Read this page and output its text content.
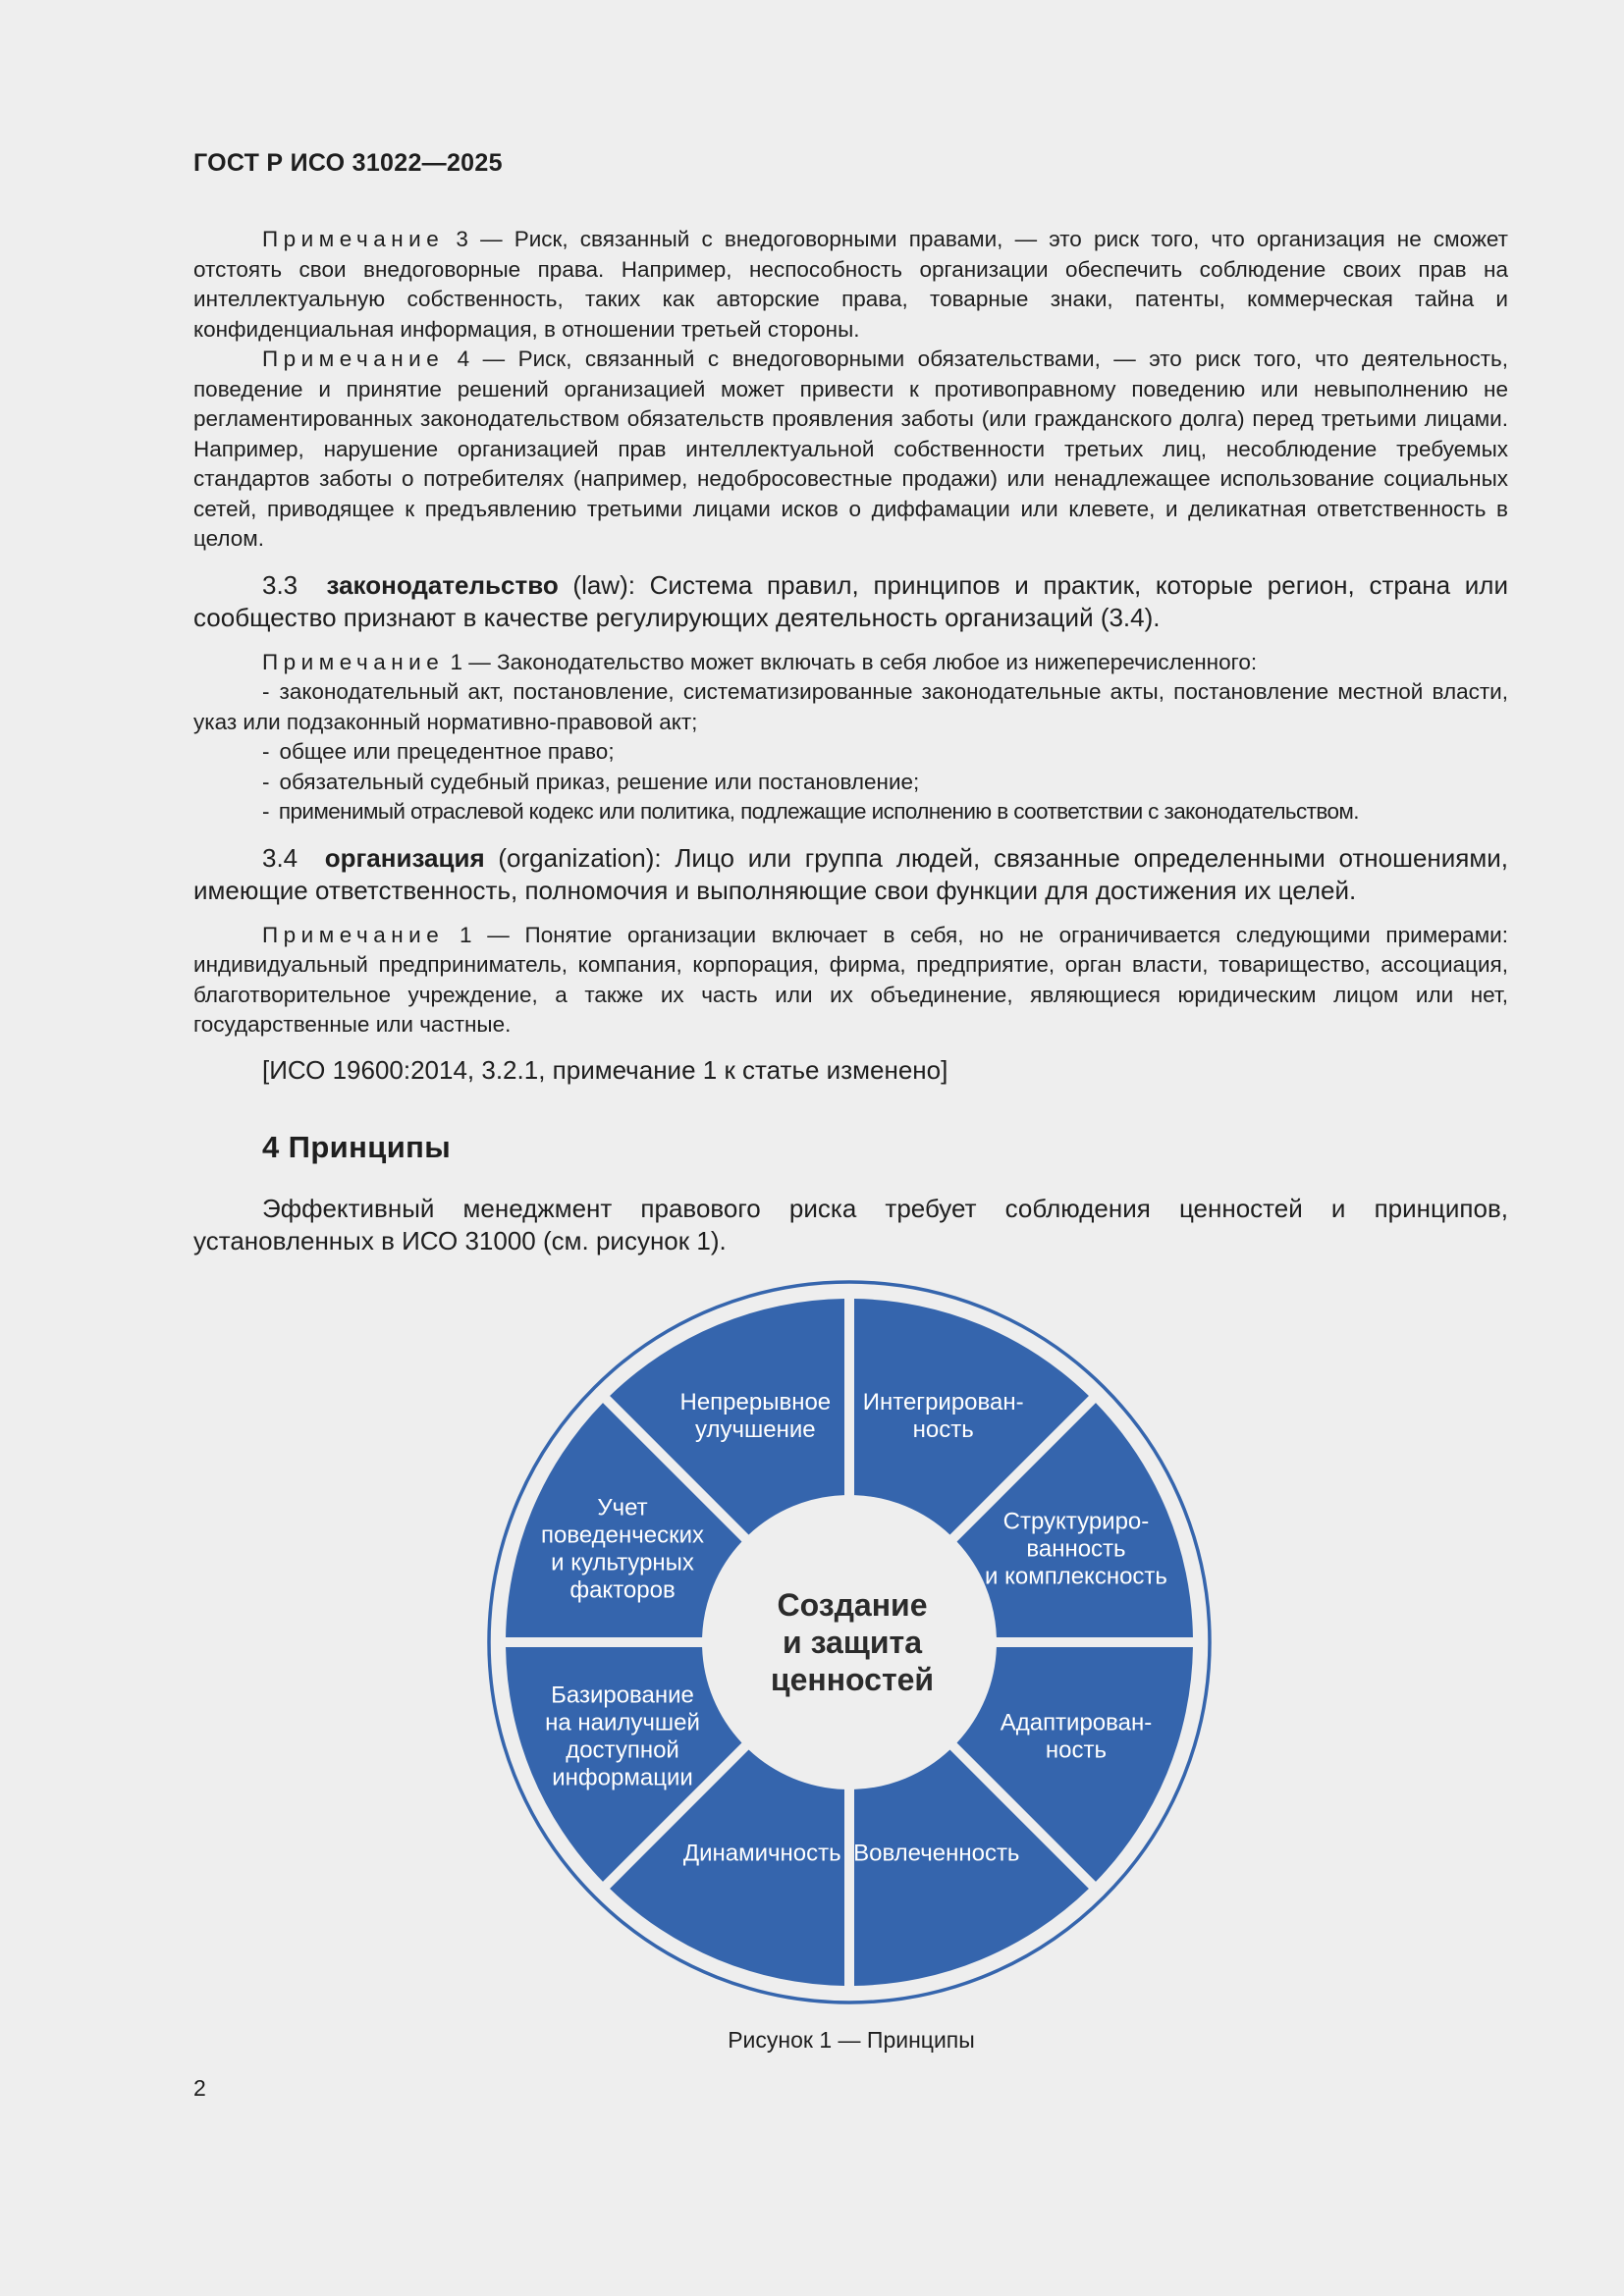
ГОСТ Р ИСО 31022—2025

Примечание 3 — Риск, связанный с внедоговорными правами, — это риск того, что организация не сможет отстоять свои внедоговорные права. Например, неспособность организации обеспечить соблюдение своих прав на интеллектуальную собственность, таких как авторские права, товарные знаки, патенты, коммерческая тайна и конфиденциальная информация, в отношении третьей стороны.

Примечание 4 — Риск, связанный с внедоговорными обязательствами, — это риск того, что деятельность, поведение и принятие решений организацией может привести к противоправному поведению или невыполнению не регламентированных законодательством обязательств проявления заботы (или гражданского долга) перед третьими лицами. Например, нарушение организацией прав интеллектуальной собственности третьих лиц, несоблюдение требуемых стандартов заботы о потребителях (например, недобросовестные продажи) или ненадлежащее использование социальных сетей, приводящее к предъявлению третьими лицами исков о диффамации или клевете, и деликатная ответственность в целом.

3.3 законодательство (law): Система правил, принципов и практик, которые регион, страна или сообщество признают в качестве регулирующих деятельность организаций (3.4).

Примечание 1 — Законодательство может включать в себя любое из нижеперечисленного:

- законодательный акт, постановление, систематизированные законодательные акты, постановление местной власти, указ или подзаконный нормативно-правовой акт;
- общее или прецедентное право;
- обязательный судебный приказ, решение или постановление;
- применимый отраслевой кодекс или политика, подлежащие исполнению в соответствии с законодательством.

3.4 организация (organization): Лицо или группа людей, связанные определенными отношениями, имеющие ответственность, полномочия и выполняющие свои функции для достижения их целей.

Примечание 1 — Понятие организации включает в себя, но не ограничивается следующими примерами: индивидуальный предприниматель, компания, корпорация, фирма, предприятие, орган власти, товарищество, ассоциация, благотворительное учреждение, а также их часть или их объединение, являющиеся юридическим лицом или нет, государственные или частные.

[ИСО 19600:2014, 3.2.1, примечание 1 к статье изменено]

4 Принципы

Эффективный менеджмент правового риска требует соблюдения ценностей и принципов, установленных в ИСО 31000 (см. рисунок 1).

Интегрирован-
ность
Структуриро-
ванность
и комплексность
Адаптирован-
ность
Вовлеченность
Динамичность
Базирование
на наилучшей
доступной
информации
Учет
поведенческих
и культурных
факторов
Непрерывное
улучшение
Создание
и защита
ценностей
Рисунок 1 — Принципы
2
